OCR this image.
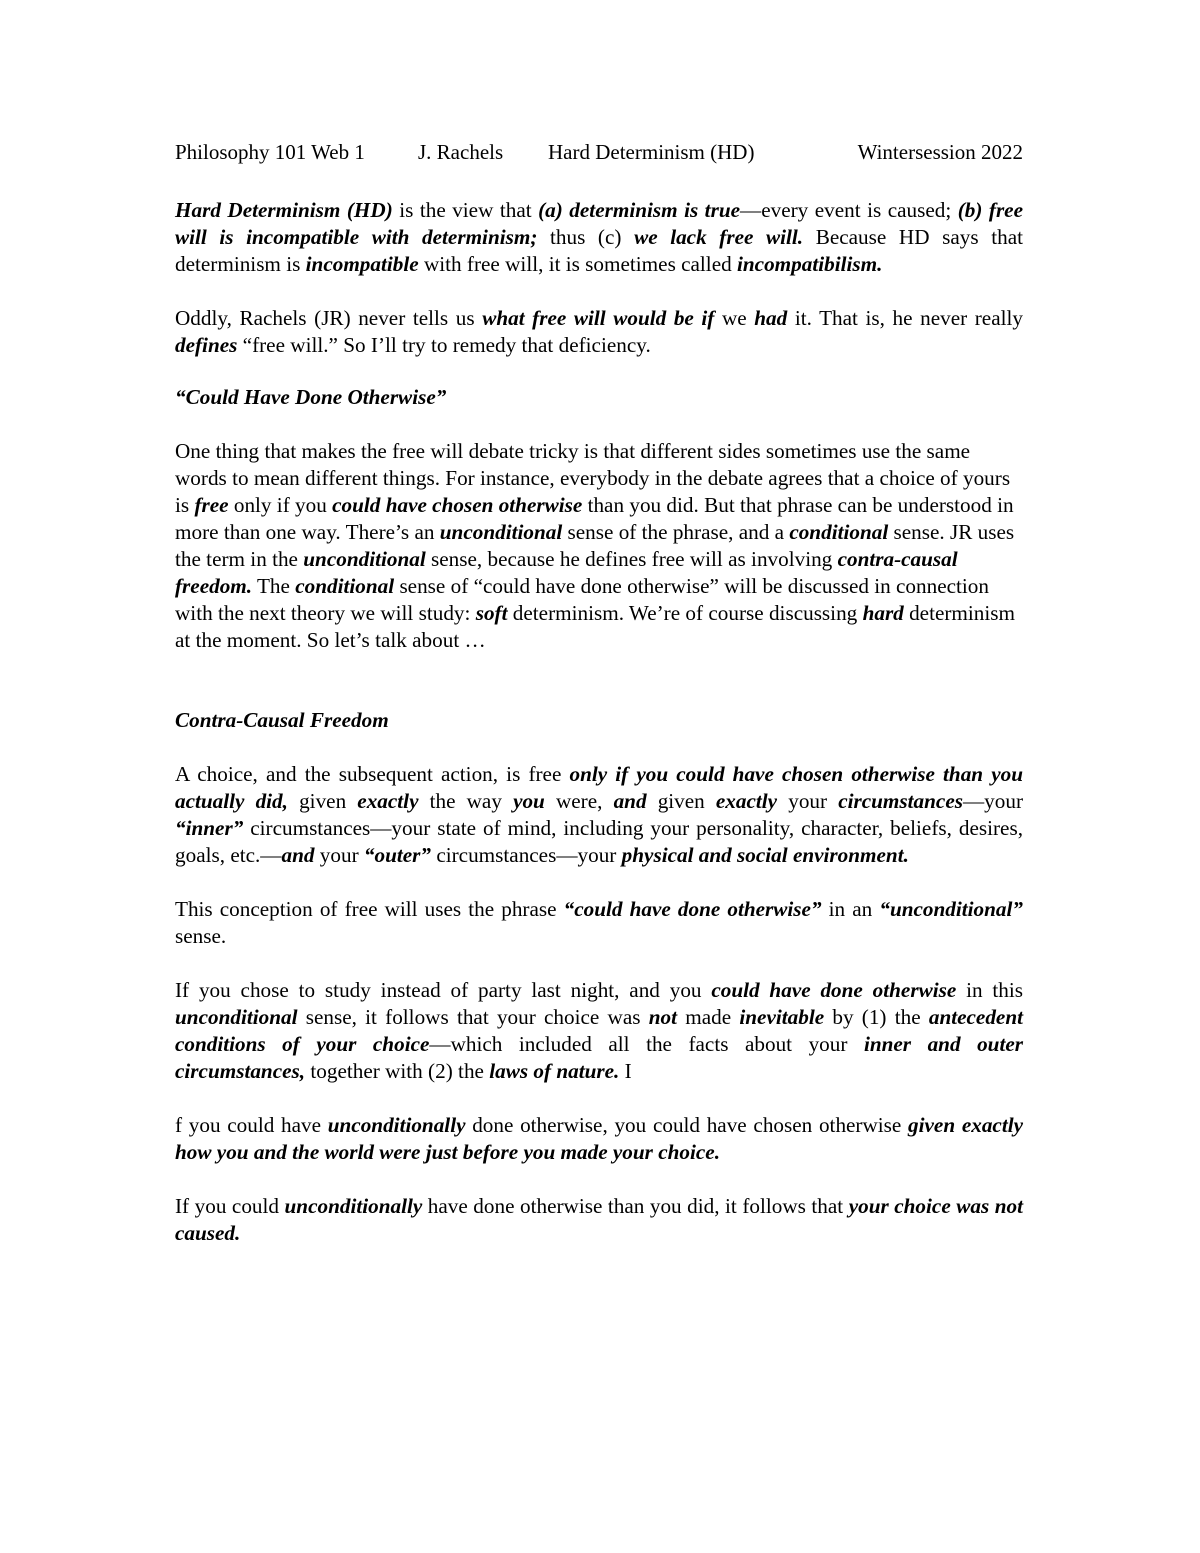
Philosophy 101 Web 1	J. Rachels Hard Determinism (HD)	Wintersession 2022

Hard Determinism (HD) is the view that (a) determinism is true—every event is caused; (b) free will is incompatible with determinism; thus (c) we lack free will. Because HD says that determinism is incompatible with free will, it is sometimes called incompatibilism.

Oddly, Rachels (JR) never tells us what free will would be if we had it. That is, he never really defines “free will.” So I’ll try to remedy that deficiency.

“Could Have Done Otherwise”

One thing that makes the free will debate tricky is that different sides sometimes use the same words to mean different things. For instance, everybody in the debate agrees that a choice of yours is free only if you could have chosen otherwise than you did. But that phrase can be understood in more than one way. There’s an unconditional sense of the phrase, and a conditional sense. JR uses the term in the unconditional sense, because he defines free will as involving contra-causal freedom. The conditional sense of “could have done otherwise” will be discussed in connection with the next theory we will study: soft determinism. We’re of course discussing hard determinism at the moment. So let’s talk about …

Contra-Causal Freedom

A choice, and the subsequent action, is free only if you could have chosen otherwise than you actually did, given exactly the way you were, and given exactly your circumstances—your “inner” circumstances—your state of mind, including your personality, character, beliefs, desires, goals, etc.—and your “outer” circumstances—your physical and social environment.

This conception of free will uses the phrase “could have done otherwise” in an “unconditional” sense.

If you chose to study instead of party last night, and you could have done otherwise in this unconditional sense, it follows that your choice was not made inevitable by (1) the antecedent conditions of your choice—which included all the facts about your inner and outer circumstances, together with (2) the laws of nature. I

f you could have unconditionally done otherwise, you could have chosen otherwise given exactly how you and the world were just before you made your choice.

If you could unconditionally have done otherwise than you did, it follows that your choice was not caused.
